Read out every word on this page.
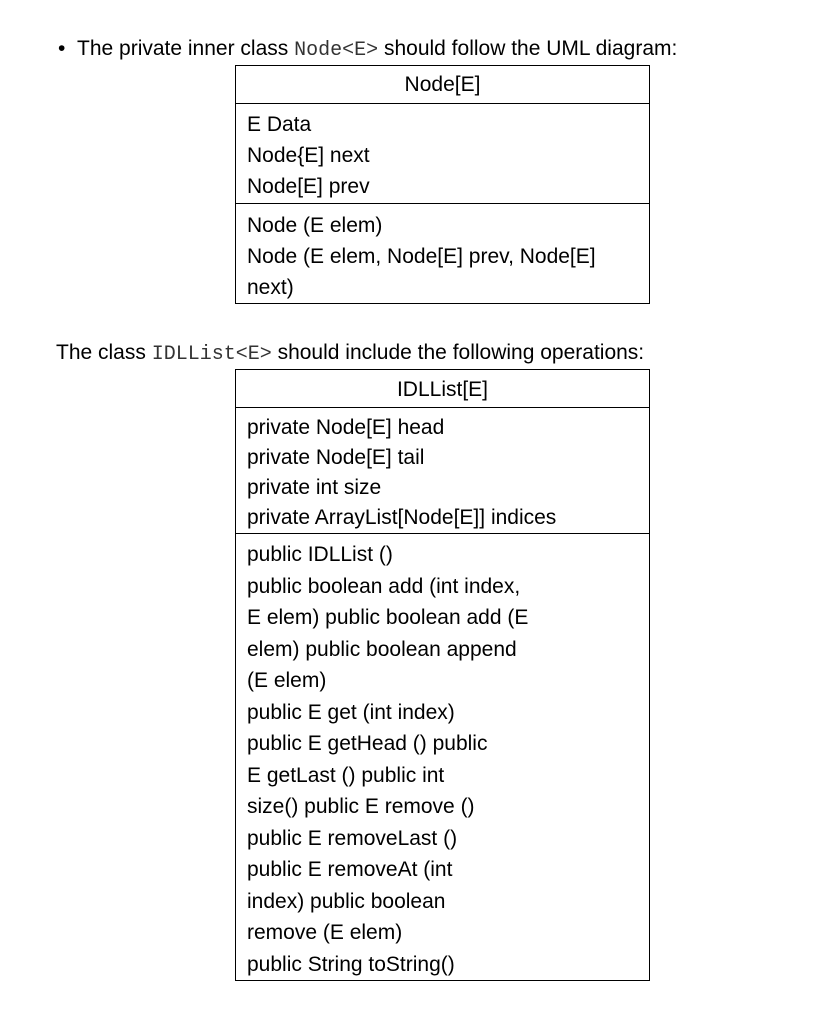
• The private inner class Node<E> should follow the UML diagram:
Node[E]
E Data
Node{E] next
Node[E] prev
Node (E elem)
Node (E elem, Node[E] prev, Node[E]
next)
The class IDLList<E> should include the following operations:
IDLList[E]
private Node[E] head
private Node[E] tail
private int size
private ArrayList[Node[E]] indices
public IDLList ()
public boolean add (int index,
E elem) public boolean add (E
elem) public boolean append
(E elem)
public E get (int index)
public E getHead () public
E getLast () public int
size() public E remove ()
public E removeLast ()
public E removeAt (int
index) public boolean
remove (E elem)
public String toString()
